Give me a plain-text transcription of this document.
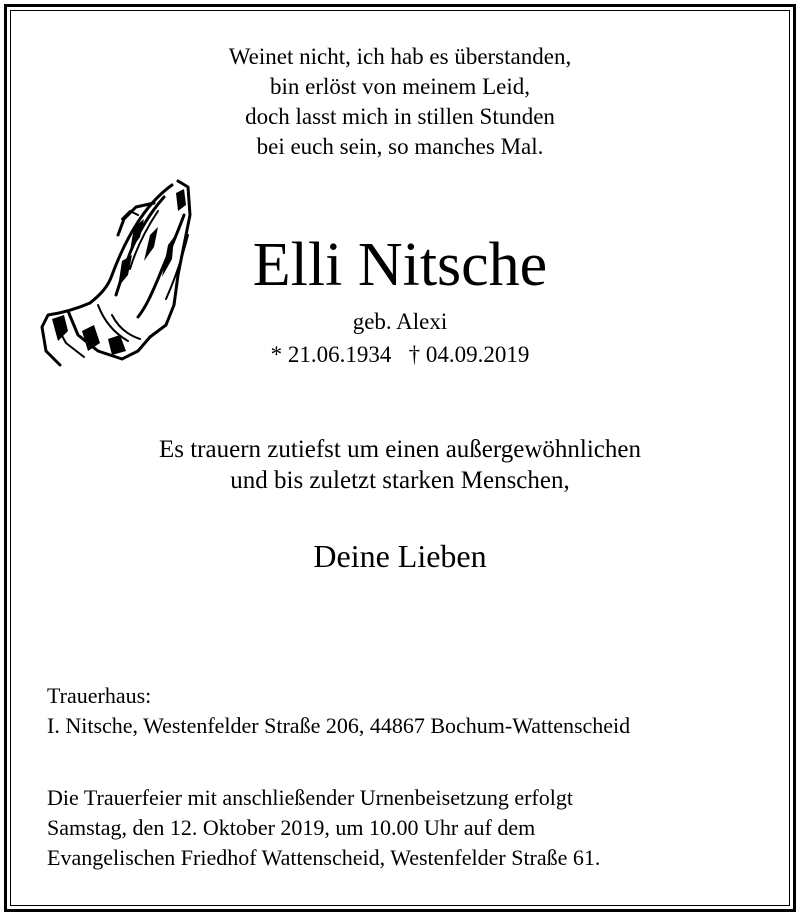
Weinet nicht, ich hab es überstanden,
bin erlöst von meinem Leid,
doch lasst mich in stillen Stunden
bei euch sein, so manches Mal.
Elli Nitsche
geb. Alexi
* 21.06.1934   † 04.09.2019
Es trauern zutiefst um einen außergewöhnlichen
und bis zuletzt starken Menschen,
Deine Lieben
Trauerhaus:
I. Nitsche, Westenfelder Straße 206, 44867 Bochum-Wattenscheid
Die Trauerfeier mit anschließender Urnenbeisetzung erfolgt
Samstag, den 12. Oktober 2019, um 10.00 Uhr auf dem
Evangelischen Friedhof Wattenscheid, Westenfelder Straße 61.
